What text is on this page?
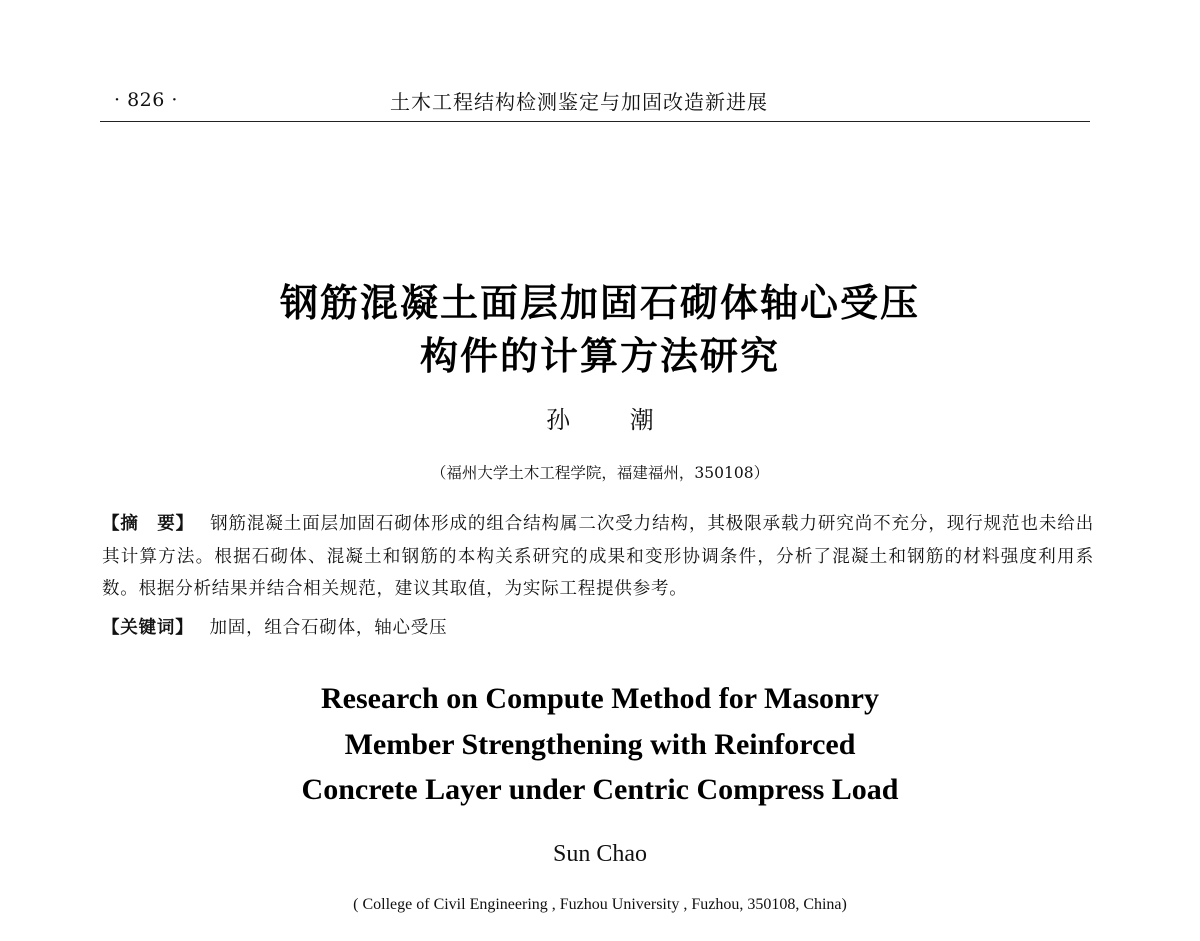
· 826 ·	土木工程结构检测鉴定与加固改造新进展
钢筋混凝土面层加固石砌体轴心受压
构件的计算方法研究
孙 潮
（福州大学土木工程学院，福建福州，350108）
【摘　要】 钢筋混凝土面层加固石砌体形成的组合结构属二次受力结构，其极限承载力研究尚不充分，现行规范也未给出其计算方法。根据石砌体、混凝土和钢筋的本构关系研究的成果和变形协调条件，分析了混凝土和钢筋的材料强度利用系数。根据分析结果并结合相关规范，建议其取值，为实际工程提供参考。
【关键词】 加固，组合石砌体，轴心受压
Research on Compute Method for Masonry
Member Strengthening with Reinforced
Concrete Layer under Centric Compress Load
Sun Chao
( College of Civil Engineering , Fuzhou University , Fuzhou, 350108, China)
